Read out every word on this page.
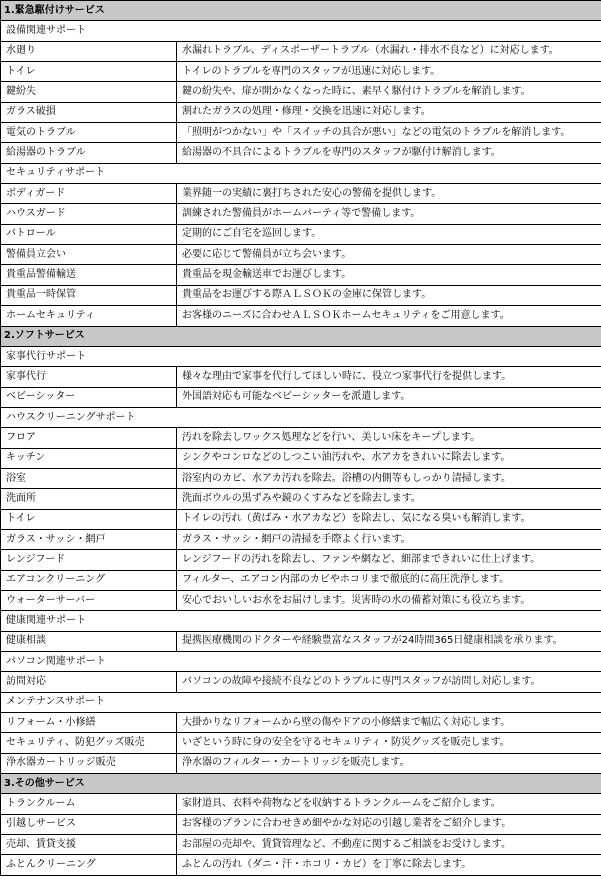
1.緊急駆付けサービス	
設備関連サポート	
水廻り	水漏れトラブル、ディスポーザートラブル（水漏れ・排水不良など）に対応します。
トイレ	トイレのトラブルを専門のスタッフが迅速に対応します。
鍵紛失	鍵の紛失や、扉が開かなくなった時に、素早く駆付けトラブルを解消します。
ガラス破損	割れたガラスの処理・修理・交換を迅速に対応します。
電気のトラブル	「照明がつかない」や「スイッチの具合が悪い」などの電気のトラブルを解消します。
給湯器のトラブル	給湯器の不具合によるトラブルを専門のスタッフが駆付け解消します。
セキュリティサポート	
ボディガード	業界随一の実績に裏打ちされた安心の警備を提供します。
ハウスガード	訓練された警備員がホームパーティ等で警備します。
パトロール	定期的にご自宅を巡回します。
警備員立会い	必要に応じて警備員が立ち会います。
貴重品警備輸送	貴重品を現金輸送車でお運びします。
貴重品一時保管	貴重品をお運びする際ＡＬＳＯＫの金庫に保管します。
ホームセキュリティ	お客様のニーズに合わせＡＬＳＯＫホームセキュリティをご用意します。
2.ソフトサービス	
家事代行サポート	
家事代行	様々な理由で家事を代行してほしい時に、役立つ家事代行を提供します。
ベビーシッター	外国語対応も可能なベビーシッターを派遣します。
ハウスクリーニングサポート	
フロア	汚れを除去しワックス処理などを行い、美しい床をキープします。
キッチン	シンクやコンロなどのしつこい油汚れや、水アカをきれいに除去します。
浴室	浴室内のカビ、水アカ汚れを除去。浴槽の内側等もしっかり清掃します。
洗面所	洗面ボウルの黒ずみや鏡のくすみなどを除去します。
トイレ	トイレの汚れ（黄ばみ・水アカなど）を除去し、気になる臭いも解消します。
ガラス・サッシ・網戸	ガラス・サッシ・網戸の清掃を手際よく行います。
レンジフード	レンジフードの汚れを除去し、ファンや網など、細部まできれいに仕上げます。
エアコンクリーニング	フィルター、エアコン内部のカビやホコリまで徹底的に高圧洗浄します。
ウォーターサーバー	安心でおいしいお水をお届けします。災害時の水の備蓄対策にも役立ちます。
健康関連サポート	
健康相談	提携医療機関のドクターや経験豊富なスタッフが24時間365日健康相談を承ります。
パソコン関連サポート	
訪問対応	パソコンの故障や接続不良などのトラブルに専門スタッフが訪問し対応します。
メンテナンスサポート	
リフォーム・小修繕	大掛かりなリフォームから壁の傷やドアの小修繕まで幅広く対応します。
セキュリティ、防犯グッズ販売	いざという時に身の安全を守るセキュリティ・防災グッズを販売します。
浄水器カートリッジ販売	浄水器のフィルター・カートリッジを販売します。
3.その他サービス	
トランクルーム	家財道具、衣料や荷物などを収納するトランクルームをご紹介します。
引越しサービス	お客様のプランに合わせきめ細やかな対応の引越し業者をご紹介します。
売却、賃貸支援	お部屋の売却や、賃貸管理など、不動産に関するご相談をお受けします。
ふとんクリーニング	ふとんの汚れ（ダニ・汗・ホコリ・カビ）を丁寧に除去します。
